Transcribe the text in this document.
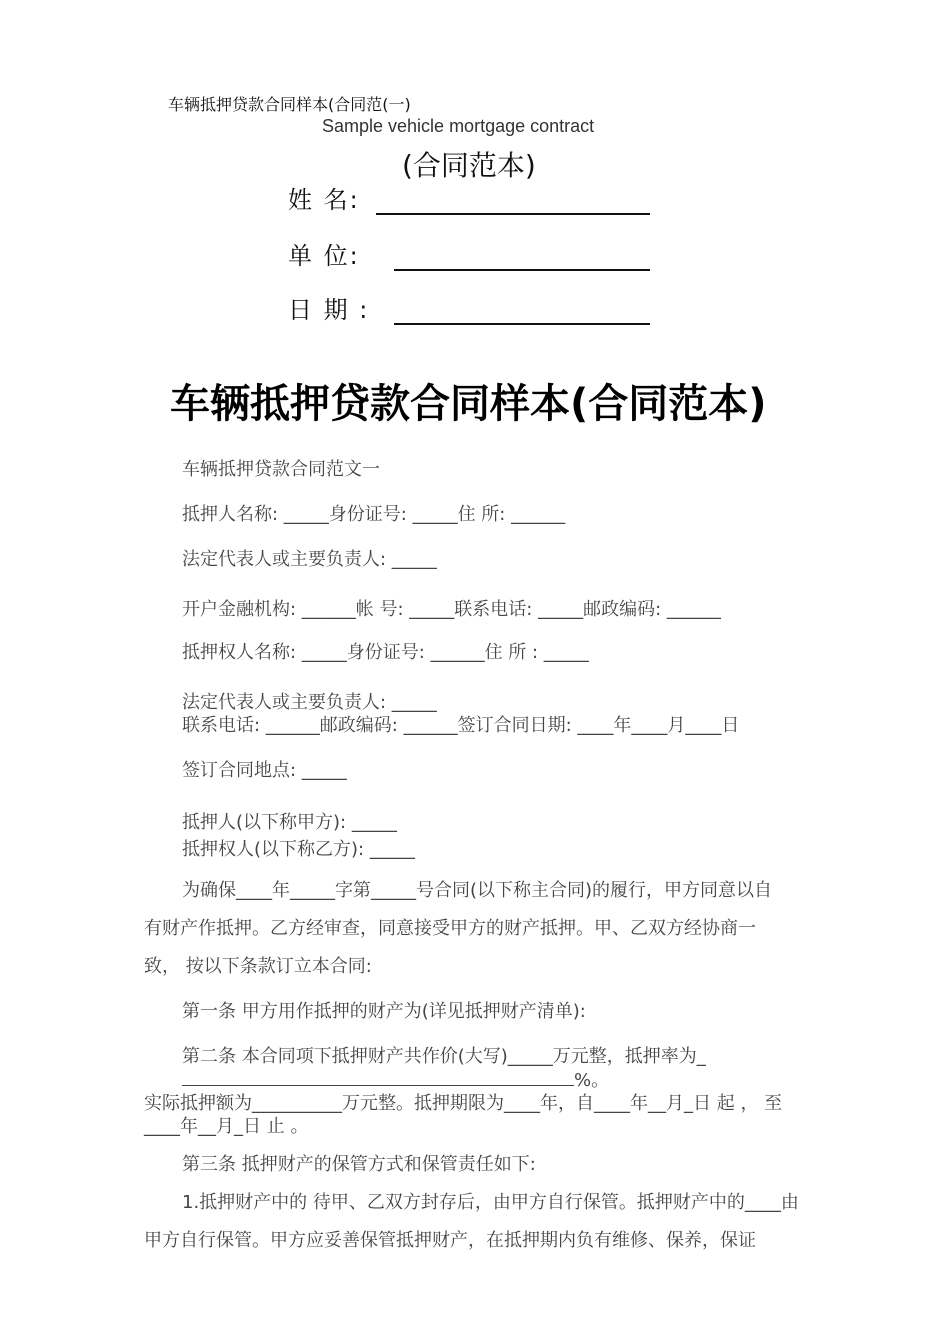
车辆抵押贷款合同样本(合同范(一)
Sample vehicle mortgage contract
(合同范本)
姓 名:
单 位:
日 期 :
车辆抵押贷款合同样本(合同范本)
车辆抵押贷款合同范文一
抵押人名称: _____身份证号: _____住 所: ______
法定代表人或主要负责人: _____
开户金融机构: ______帐 号: _____联系电话: _____邮政编码: ______
抵押权人名称: _____身份证号: ______住 所 : _____
法定代表人或主要负责人: _____
联系电话: ______邮政编码: ______签订合同日期: ____年____月____日
签订合同地点: _____
抵押人(以下称甲方): _____
抵押权人(以下称乙方): _____
为确保____年_____字第_____号合同(以下称主合同)的履行，甲方同意以自
有财产作抵押。乙方经审查，同意接受甲方的财产抵押。甲、乙双方经协商一
致， 按以下条款订立本合同:
第一条 甲方用作抵押的财产为(详见抵押财产清单):
第二条 本合同项下抵押财产共作价(大写)_____万元整，抵押率为_
%。
实际抵押额为__________万元整。抵押期限为____年，自____年__月_日 起 ， 至
____年__月_日 止 。
第三条 抵押财产的保管方式和保管责任如下:
1.抵押财产中的 待甲、乙双方封存后，由甲方自行保管。抵押财产中的____由
甲方自行保管。甲方应妥善保管抵押财产，在抵押期内负有维修、保养，保证
